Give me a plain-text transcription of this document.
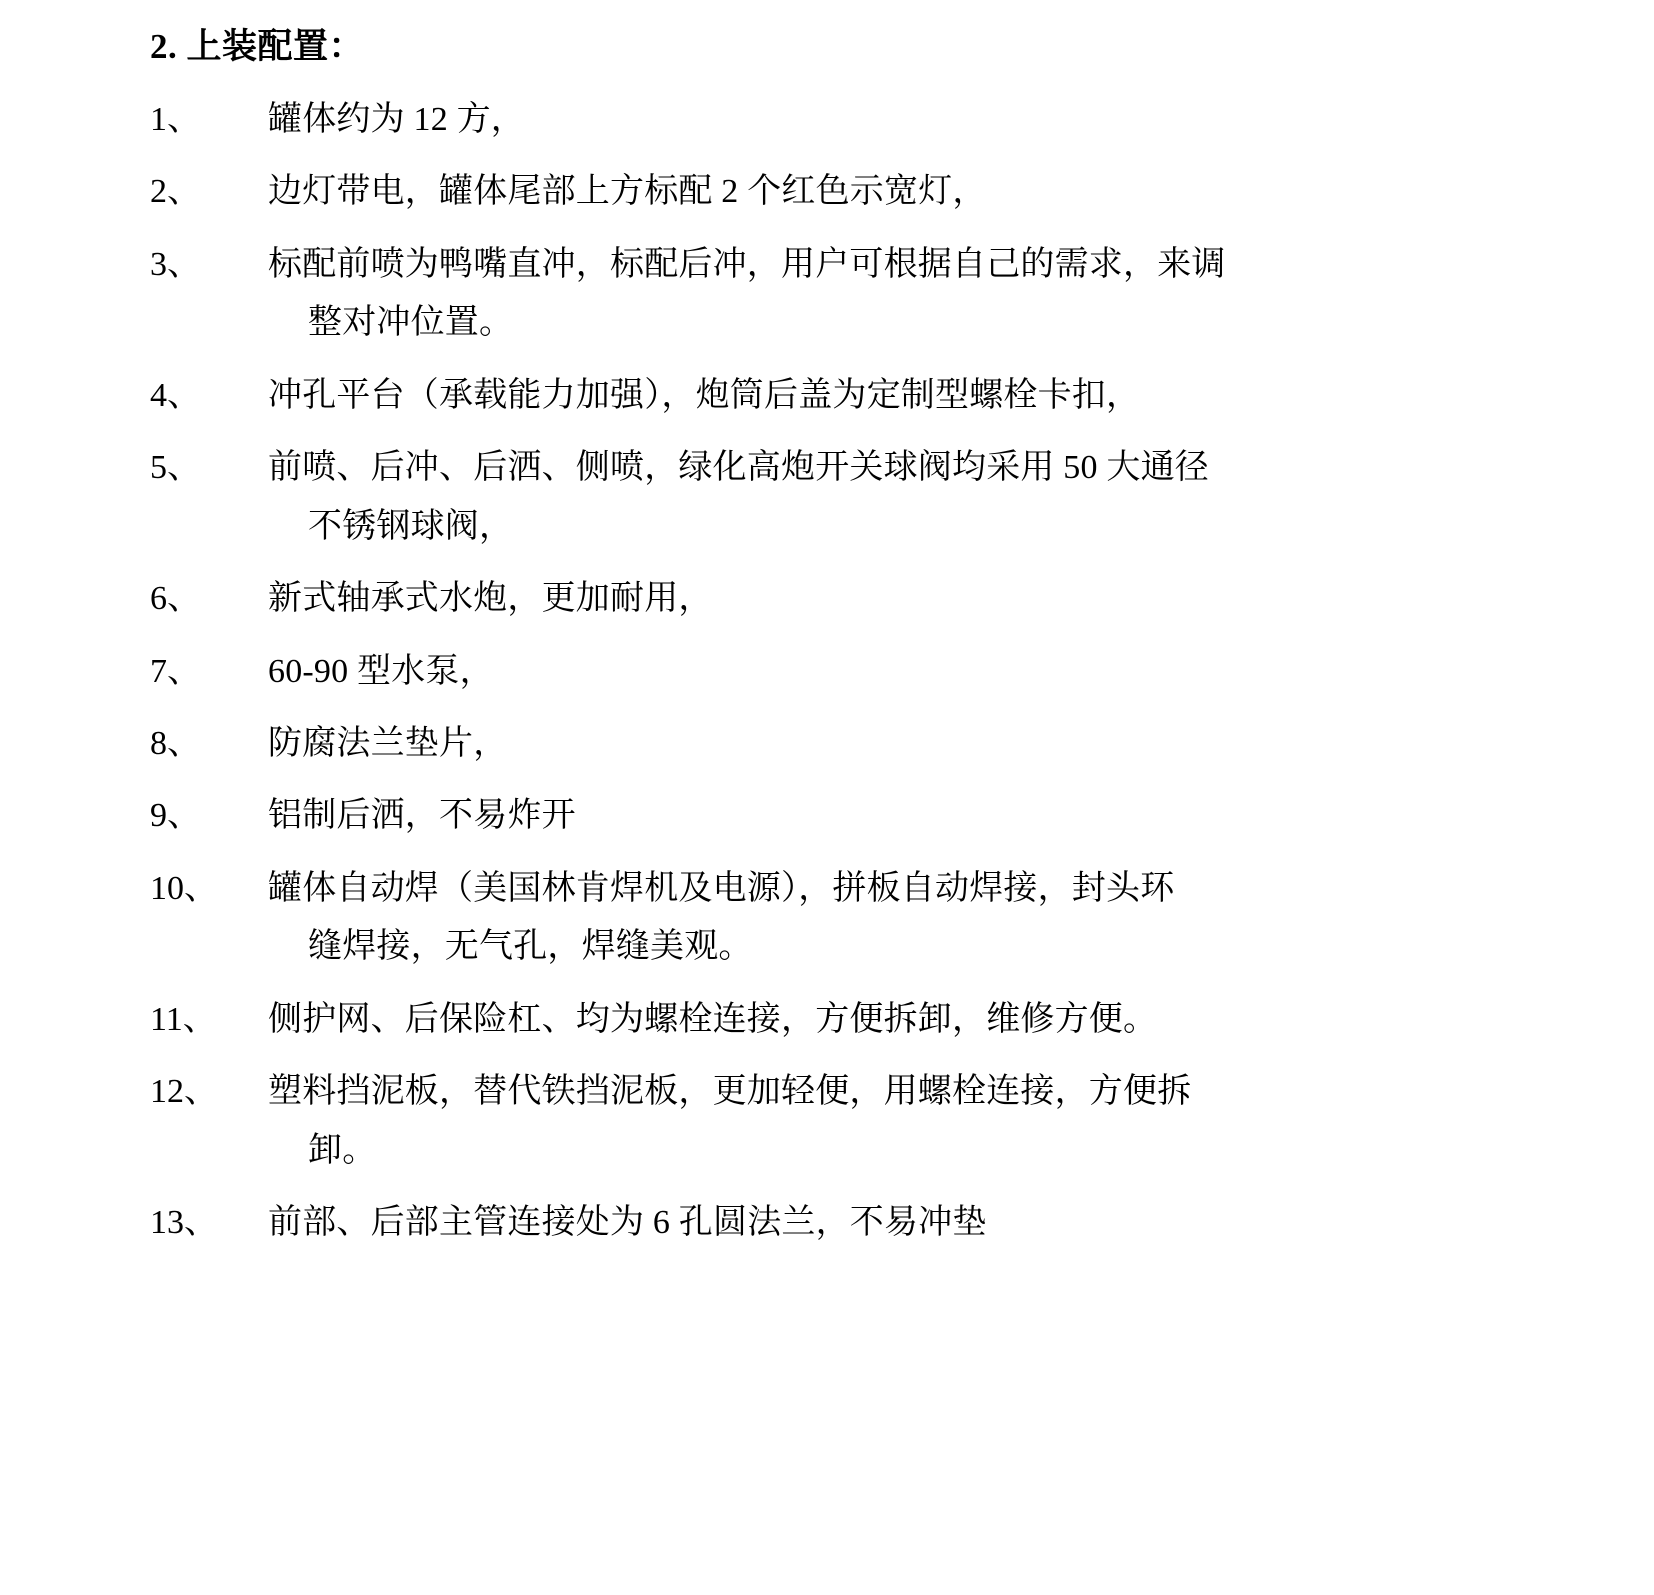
2. 上装配置：
1、	罐体约为 12 方，
2、	边灯带电，罐体尾部上方标配 2 个红色示宽灯，
3、	标配前喷为鸭嘴直冲，标配后冲，用户可根据自己的需求，来调
整对冲位置。
4、	冲孔平台（承载能力加强），炮筒后盖为定制型螺栓卡扣，
5、	前喷、后冲、后洒、侧喷，绿化高炮开关球阀均采用 50 大通径
不锈钢球阀，
6、	新式轴承式水炮，更加耐用，
7、	60-90 型水泵，
8、	防腐法兰垫片，
9、	铝制后洒，不易炸开
10、	罐体自动焊（美国林肯焊机及电源），拼板自动焊接，封头环
缝焊接，无气孔，焊缝美观。
11、	侧护网、后保险杠、均为螺栓连接，方便拆卸，维修方便。
12、	塑料挡泥板，替代铁挡泥板，更加轻便，用螺栓连接，方便拆
卸。
13、	前部、后部主管连接处为 6 孔圆法兰，不易冲垫
